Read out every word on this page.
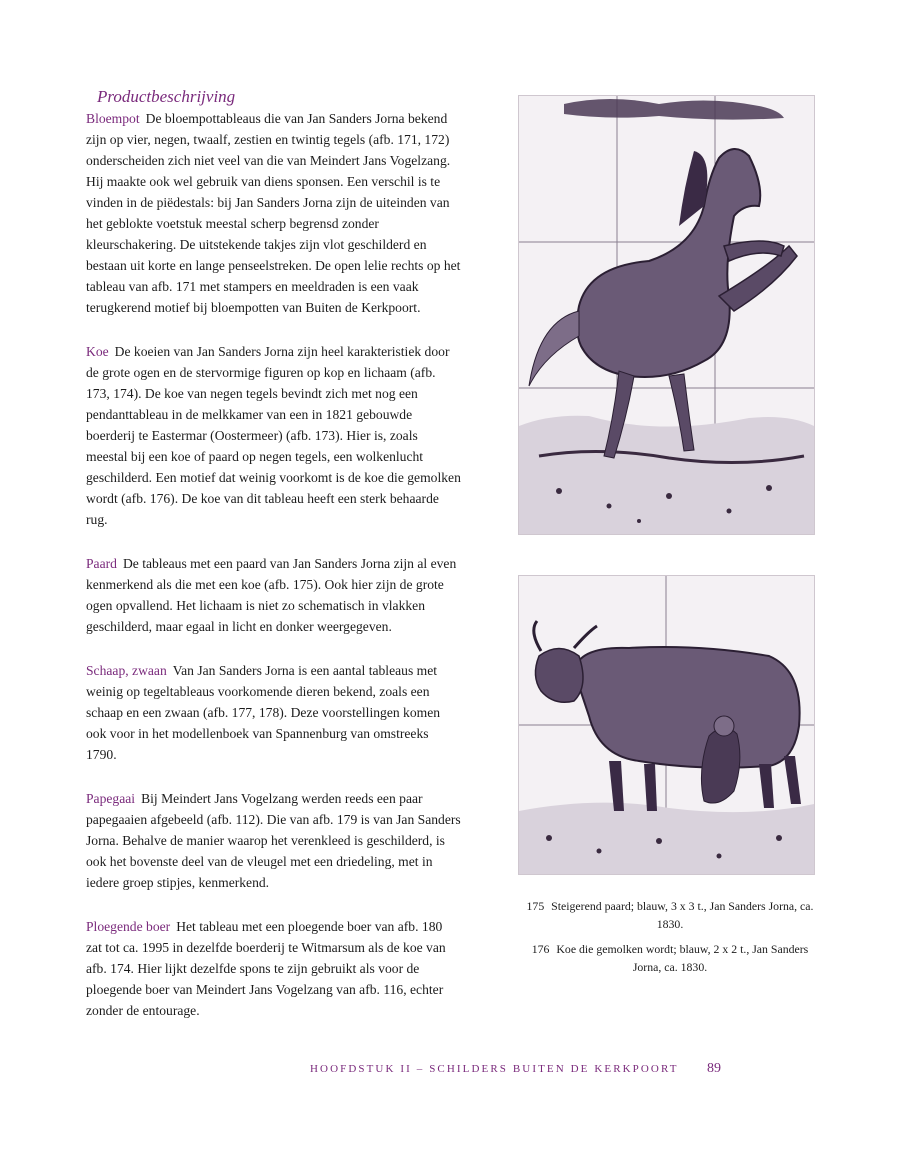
Productbeschrijving

Bloempot De bloempottableaus die van Jan Sanders Jorna bekend zijn op vier, negen, twaalf, zestien en twintig tegels (afb. 171, 172) onderscheiden zich niet veel van die van Meindert Jans Vogelzang. Hij maakte ook wel gebruik van diens sponsen. Een verschil is te vinden in de piëdestals: bij Jan Sanders Jorna zijn de uiteinden van het geblokte voetstuk meestal scherp begrensd zonder kleurschakering. De uitstekende takjes zijn vlot geschilderd en bestaan uit korte en lange penseelstreken. De open lelie rechts op het tableau van afb. 171 met stampers en meeldraden is een vaak terugkerend motief bij bloempotten van Buiten de Kerkpoort.

Koe De koeien van Jan Sanders Jorna zijn heel karakteristiek door de grote ogen en de stervormige figuren op kop en lichaam (afb. 173, 174). De koe van negen tegels bevindt zich met nog een pendanttableau in de melkkamer van een in 1821 gebouwde boerderij te Eastermar (Oostermeer) (afb. 173). Hier is, zoals meestal bij een koe of paard op negen tegels, een wolkenlucht geschilderd. Een motief dat weinig voorkomt is de koe die gemolken wordt (afb. 176). De koe van dit tableau heeft een sterk behaarde rug.

Paard De tableaus met een paard van Jan Sanders Jorna zijn al even kenmerkend als die met een koe (afb. 175). Ook hier zijn de grote ogen opvallend. Het lichaam is niet zo schematisch in vlakken geschilderd, maar egaal in licht en donker weergegeven.

Schaap, zwaan Van Jan Sanders Jorna is een aantal tableaus met weinig op tegeltableaus voorkomende dieren bekend, zoals een schaap en een zwaan (afb. 177, 178). Deze voorstellingen komen ook voor in het modellenboek van Spannenburg van omstreeks 1790.

Papegaai Bij Meindert Jans Vogelzang werden reeds een paar papegaaien afgebeeld (afb. 112). Die van afb. 179 is van Jan Sanders Jorna. Behalve de manier waarop het verenkleed is geschilderd, is ook het bovenste deel van de vleugel met een driedeling, met in iedere groep stipjes, kenmerkend.

Ploegende boer Het tableau met een ploegende boer van afb. 180 zat tot ca. 1995 in dezelfde boerderij te Witmarsum als de koe van afb. 174. Hier lijkt dezelfde spons te zijn gebruikt als voor de ploegende boer van Meindert Jans Vogelzang van afb. 116, echter zonder de entourage.

175 Steigerend paard; blauw, 3 x 3 t., Jan Sanders Jorna, ca. 1830.
176 Koe die gemolken wordt; blauw, 2 x 2 t., Jan Sanders Jorna, ca. 1830.
HOOFDSTUK II – SCHILDERS BUITEN DE KERKPOORT	89
